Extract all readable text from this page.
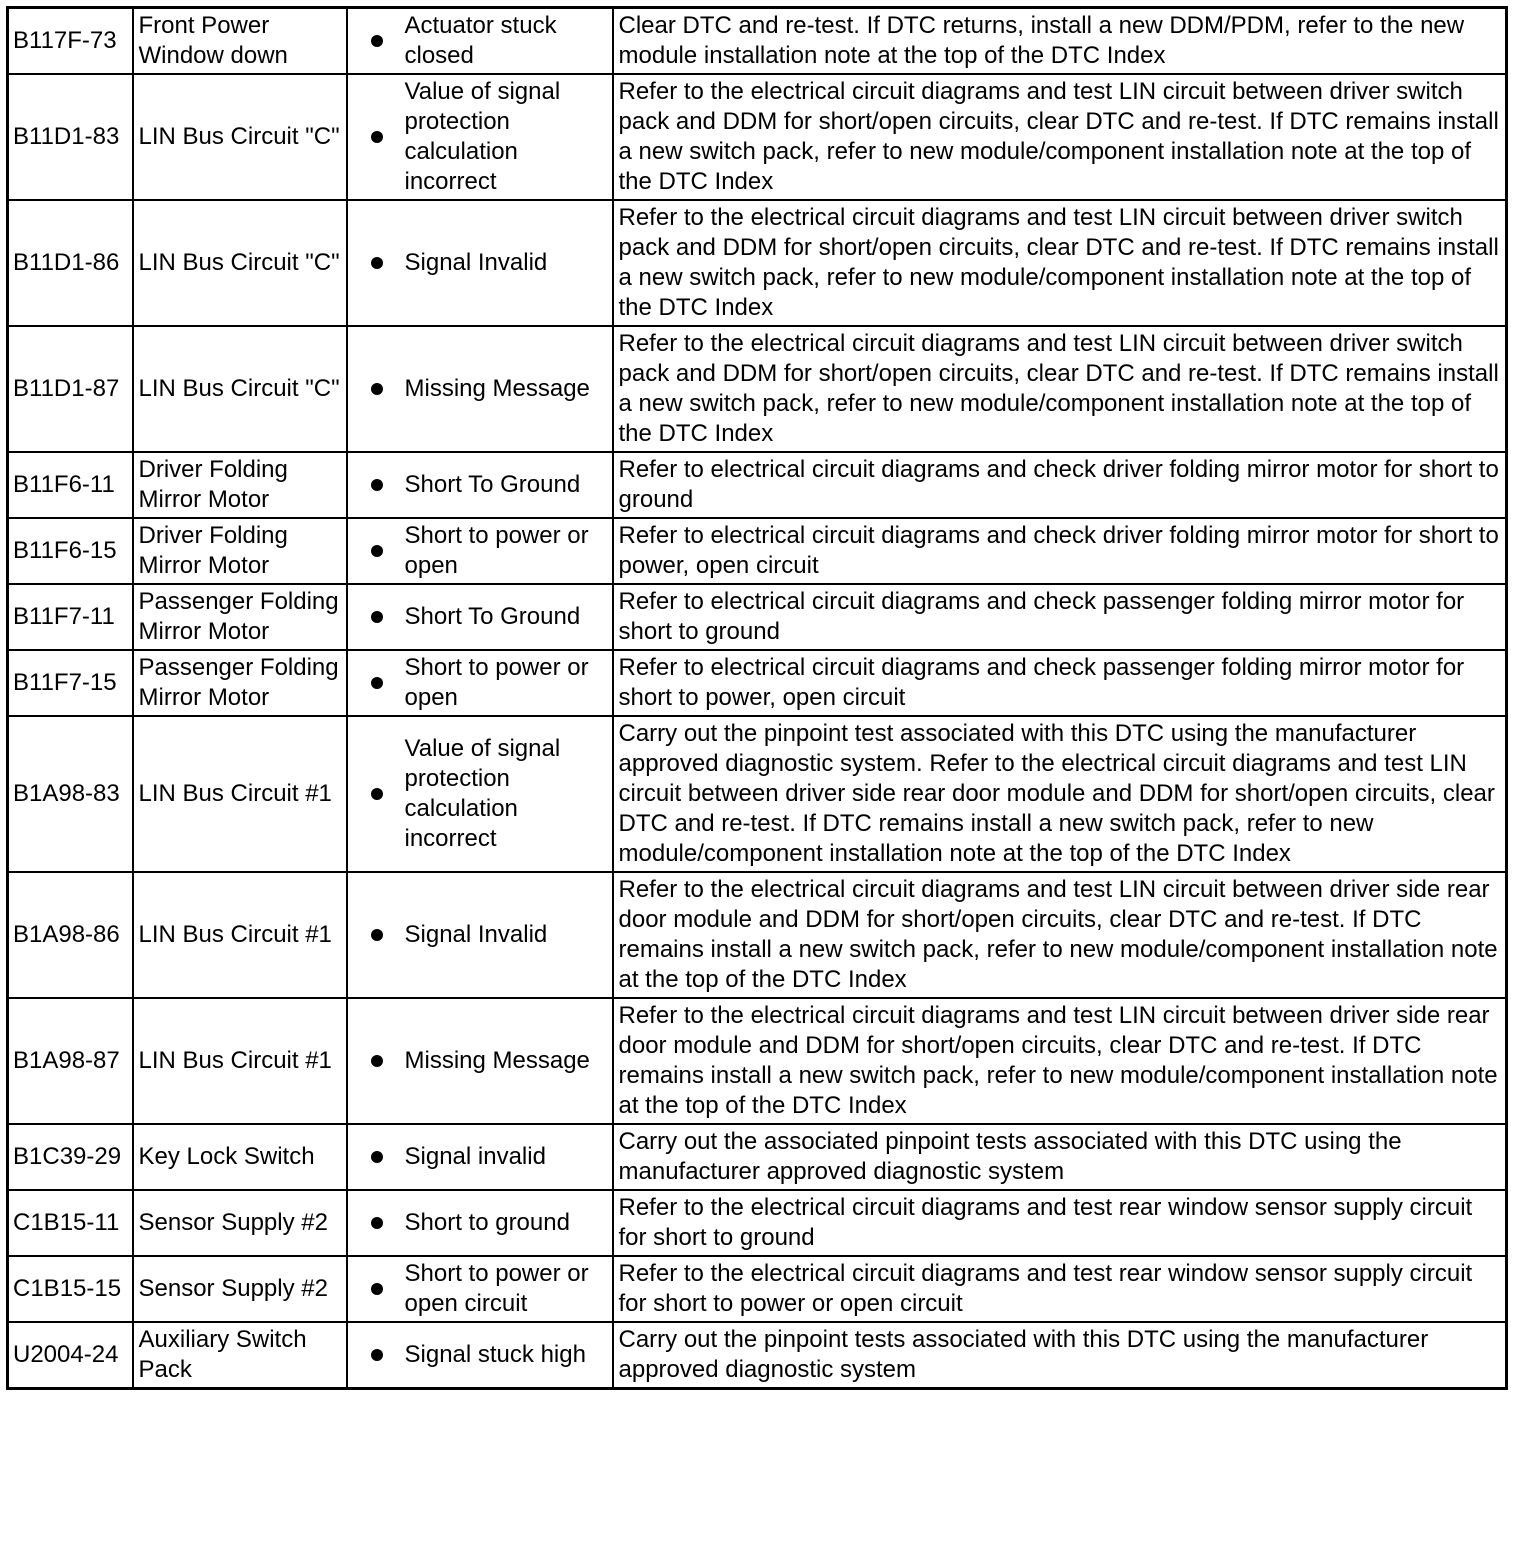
B117F-73	Front Power Window down	Actuator stuck closed	Clear DTC and re-test. If DTC returns, install a new DDM/PDM, refer to the new module installation note at the top of the DTC Index
B11D1-83	LIN Bus Circuit "C"	Value of signal protection calculation incorrect	Refer to the electrical circuit diagrams and test LIN circuit between driver switch pack and DDM for short/open circuits, clear DTC and re-test. If DTC remains install a new switch pack, refer to new module/component installation note at the top of the DTC Index
B11D1-86	LIN Bus Circuit "C"	Signal Invalid	Refer to the electrical circuit diagrams and test LIN circuit between driver switch pack and DDM for short/open circuits, clear DTC and re-test. If DTC remains install a new switch pack, refer to new module/component installation note at the top of the DTC Index
B11D1-87	LIN Bus Circuit "C"	Missing Message	Refer to the electrical circuit diagrams and test LIN circuit between driver switch pack and DDM for short/open circuits, clear DTC and re-test. If DTC remains install a new switch pack, refer to new module/component installation note at the top of the DTC Index
B11F6-11	Driver Folding Mirror Motor	Short To Ground	Refer to electrical circuit diagrams and check driver folding mirror motor for short to ground
B11F6-15	Driver Folding Mirror Motor	Short to power or open	Refer to electrical circuit diagrams and check driver folding mirror motor for short to power, open circuit
B11F7-11	Passenger Folding Mirror Motor	Short To Ground	Refer to electrical circuit diagrams and check passenger folding mirror motor for short to ground
B11F7-15	Passenger Folding Mirror Motor	Short to power or open	Refer to electrical circuit diagrams and check passenger folding mirror motor for short to power, open circuit
B1A98-83	LIN Bus Circuit #1	Value of signal protection calculation incorrect	Carry out the pinpoint test associated with this DTC using the manufacturer approved diagnostic system. Refer to the electrical circuit diagrams and test LIN circuit between driver side rear door module and DDM for short/open circuits, clear DTC and re-test. If DTC remains install a new switch pack, refer to new module/component installation note at the top of the DTC Index
B1A98-86	LIN Bus Circuit #1	Signal Invalid	Refer to the electrical circuit diagrams and test LIN circuit between driver side rear door module and DDM for short/open circuits, clear DTC and re-test. If DTC remains install a new switch pack, refer to new module/component installation note at the top of the DTC Index
B1A98-87	LIN Bus Circuit #1	Missing Message	Refer to the electrical circuit diagrams and test LIN circuit between driver side rear door module and DDM for short/open circuits, clear DTC and re-test. If DTC remains install a new switch pack, refer to new module/component installation note at the top of the DTC Index
B1C39-29	Key Lock Switch	Signal invalid	Carry out the associated pinpoint tests associated with this DTC using the manufacturer approved diagnostic system
C1B15-11	Sensor Supply #2	Short to ground	Refer to the electrical circuit diagrams and test rear window sensor supply circuit for short to ground
C1B15-15	Sensor Supply #2	Short to power or open circuit	Refer to the electrical circuit diagrams and test rear window sensor supply circuit for short to power or open circuit
U2004-24	Auxiliary Switch Pack	Signal stuck high	Carry out the pinpoint tests associated with this DTC using the manufacturer approved diagnostic system
